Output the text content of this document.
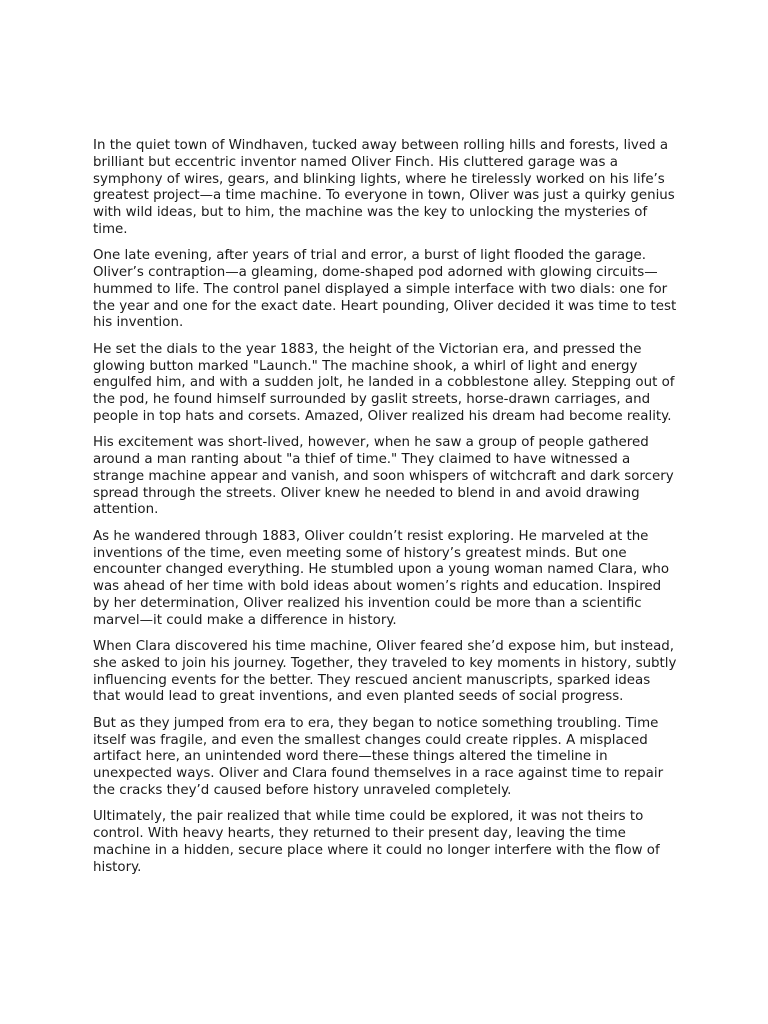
In the quiet town of Windhaven, tucked away between rolling hills and forests, lived a brilliant but eccentric inventor named Oliver Finch. His cluttered garage was a symphony of wires, gears, and blinking lights, where he tirelessly worked on his life’s greatest project—a time machine. To everyone in town, Oliver was just a quirky genius with wild ideas, but to him, the machine was the key to unlocking the mysteries of time.

One late evening, after years of trial and error, a burst of light flooded the garage. Oliver’s contraption—a gleaming, dome-shaped pod adorned with glowing circuits—hummed to life. The control panel displayed a simple interface with two dials: one for the year and one for the exact date. Heart pounding, Oliver decided it was time to test his invention.

He set the dials to the year 1883, the height of the Victorian era, and pressed the glowing button marked "Launch." The machine shook, a whirl of light and energy engulfed him, and with a sudden jolt, he landed in a cobblestone alley. Stepping out of the pod, he found himself surrounded by gaslit streets, horse-drawn carriages, and people in top hats and corsets. Amazed, Oliver realized his dream had become reality.

His excitement was short-lived, however, when he saw a group of people gathered around a man ranting about "a thief of time." They claimed to have witnessed a strange machine appear and vanish, and soon whispers of witchcraft and dark sorcery spread through the streets. Oliver knew he needed to blend in and avoid drawing attention.

As he wandered through 1883, Oliver couldn’t resist exploring. He marveled at the inventions of the time, even meeting some of history’s greatest minds. But one encounter changed everything. He stumbled upon a young woman named Clara, who was ahead of her time with bold ideas about women’s rights and education. Inspired by her determination, Oliver realized his invention could be more than a scientific marvel—it could make a difference in history.

When Clara discovered his time machine, Oliver feared she’d expose him, but instead, she asked to join his journey. Together, they traveled to key moments in history, subtly influencing events for the better. They rescued ancient manuscripts, sparked ideas that would lead to great inventions, and even planted seeds of social progress.

But as they jumped from era to era, they began to notice something troubling. Time itself was fragile, and even the smallest changes could create ripples. A misplaced artifact here, an unintended word there—these things altered the timeline in unexpected ways. Oliver and Clara found themselves in a race against time to repair the cracks they’d caused before history unraveled completely.

Ultimately, the pair realized that while time could be explored, it was not theirs to control. With heavy hearts, they returned to their present day, leaving the time machine in a hidden, secure place where it could no longer interfere with the flow of history.
